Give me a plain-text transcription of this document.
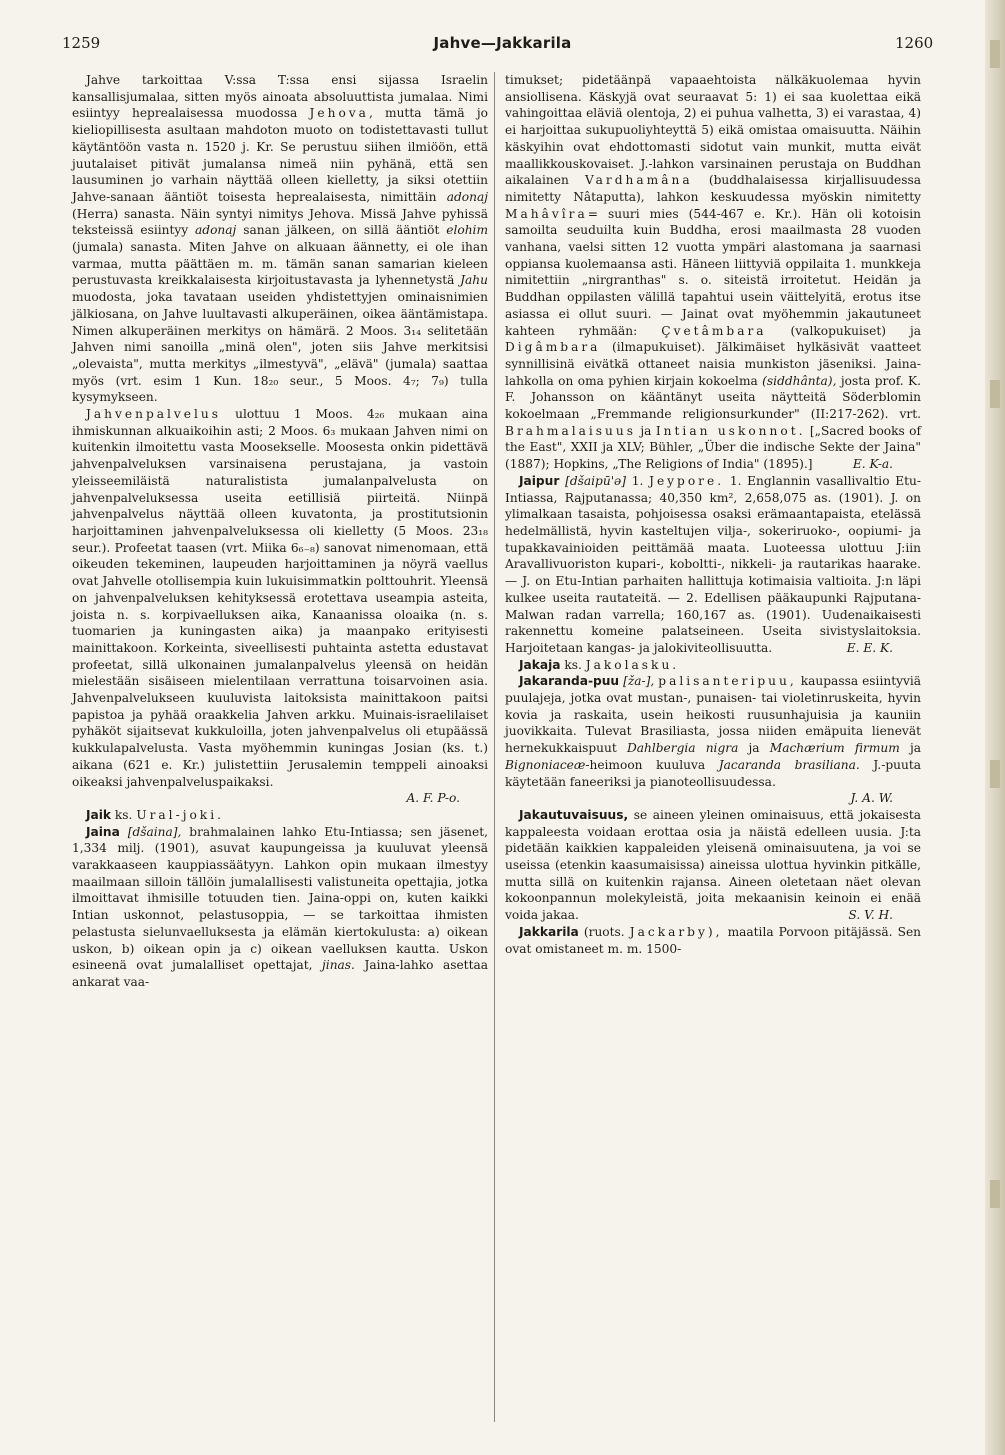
1259	Jahve—Jakkarila	1260

Jahve tarkoittaa V:ssa T:ssa ensi sijassa Israelin kansallisjumalaa, sitten myös ainoata absoluuttista jumalaa. Nimi esiintyy heprealaisessa muodossa Jehova, mutta tämä jo kieliopillisesta asultaan mahdoton muoto on todistettavasti tullut käytäntöön vasta n. 1520 j. Kr. Se perustuu siihen ilmiöön, että juutalaiset pitivät jumalansa nimeä niin pyhänä, että sen lausuminen jo varhain näyttää olleen kielletty, ja siksi otettiin Jahve-sanaan ääntiöt toisesta heprealaisesta, nimittäin adonaj (Herra) sanasta. Näin syntyi nimitys Jehova. Missä Jahve pyhissä teksteissä esiintyy adonaj sanan jälkeen, on sillä ääntiöt elohim (jumala) sanasta. Miten Jahve on alkuaan äännetty, ei ole ihan varmaa, mutta päättäen m. m. tämän sanan samarian kieleen perustuvasta kreikkalaisesta kirjoitustavasta ja lyhennetystä Jahu muodosta, joka tavataan useiden yhdistettyjen ominaisnimien jälkiosana, on Jahve luultavasti alkuperäinen, oikea ääntämistapa. Nimen alkuperäinen merkitys on hämärä. 2 Moos. 3₁₄ selitetään Jahven nimi sanoilla „minä olen", joten siis Jahve merkitsisi „olevaista", mutta merkitys „ilmestyvä", „elävä" (jumala) saattaa myös (vrt. esim 1 Kun. 18₂₀ seur., 5 Moos. 4₇; 7₉) tulla kysymykseen.

Jahvenpalvelus ulottuu 1 Moos. 4₂₆ mukaan aina ihmiskunnan alkuaikoihin asti; 2 Moos. 6₃ mukaan Jahven nimi on kuitenkin ilmoitettu vasta Moosekselle. Moosesta onkin pidettävä jahvenpalveluksen varsinaisena perustajana, ja vastoin yleisseemiläistä naturalistista jumalanpalvelusta on jahvenpalveluksessa useita eetillisiä piirteitä. Niinpä jahvenpalvelus näyttää olleen kuvatonta, ja prostitutsionin harjoittaminen jahvenpalveluksessa oli kielletty (5 Moos. 23₁₈ seur.). Profeetat taasen (vrt. Miika 6₆₋₈) sanovat nimenomaan, että oikeuden tekeminen, laupeuden harjoittaminen ja nöyrä vaellus ovat Jahvelle otollisempia kuin lukuisimmatkin polttouhrit. Yleensä on jahvenpalveluksen kehityksessä erotettava useampia asteita, joista n. s. korpivaelluksen aika, Kanaanissa oloaika (n. s. tuomarien ja kuningasten aika) ja maanpako erityisesti mainittakoon. Korkeinta, siveellisesti puhtainta astetta edustavat profeetat, sillä ulkonainen jumalanpalvelus yleensä on heidän mielestään sisäiseen mielentilaan verrattuna toisarvoinen asia. Jahvenpalvelukseen kuuluvista laitoksista mainittakoon paitsi papistoa ja pyhää oraakkelia Jahven arkku. Muinais-israelilaiset pyhäköt sijaitsevat kukkuloilla, joten jahvenpalvelus oli etupäässä kukkulapalvelusta. Vasta myöhemmin kuningas Josian (ks. t.) aikana (621 e. Kr.) julistettiin Jerusalemin temppeli ainoaksi oikeaksi jahvenpalveluspaikaksi.
A. F. P-o.

Jaik ks. Ural-joki.

Jaina [dšaina], brahmalainen lahko Etu-Intiassa; sen jäsenet, 1,334 milj. (1901), asuvat kaupungeissa ja kuuluvat yleensä varakkaaseen kauppiassäätyyn. Lahkon opin mukaan ilmestyy maailmaan silloin tällöin jumalallisesti valistuneita opettajia, jotka ilmoittavat ihmisille totuuden tien. Jaina-oppi on, kuten kaikki Intian uskonnot, pelastusoppia, — se tarkoittaa ihmisten pelastusta sielunvaelluksesta ja elämän kiertokulusta: a) oikean uskon, b) oikean opin ja c) oikean vaelluksen kautta. Uskon esineenä ovat jumalalliset opettajat, jinas. Jaina-lahko asettaa ankarat vaa-

timukset; pidetäänpä vapaaehtoista nälkäkuolemaa hyvin ansiollisena. Käskyjä ovat seuraavat 5: 1) ei saa kuolettaa eikä vahingoittaa eläviä olentoja, 2) ei puhua valhetta, 3) ei varastaa, 4) ei harjoittaa sukupuoliyhteyttä 5) eikä omistaa omaisuutta. Näihin käskyihin ovat ehdottomasti sidotut vain munkit, mutta eivät maallikkouskovaiset. J.-lahkon varsinainen perustaja on Buddhan aikalainen Vardhamâna (buddhalaisessa kirjallisuudessa nimitetty Nâtaputta), lahkon keskuudessa myöskin nimitetty Mahâvîra= suuri mies (544-467 e. Kr.). Hän oli kotoisin samoilta seuduilta kuin Buddha, erosi maailmasta 28 vuoden vanhana, vaelsi sitten 12 vuotta ympäri alastomana ja saarnasi oppiansa kuolemaansa asti. Häneen liittyviä oppilaita 1. munkkeja nimitettiin „nirgranthas" s. o. siteistä irroitetut. Heidän ja Buddhan oppilasten välillä tapahtui usein väittelyitä, erotus itse asiassa ei ollut suuri. — Jainat ovat myöhemmin jakautuneet kahteen ryhmään: Çvetâmbara (valkopukuiset) ja Digâmbara (ilmapukuiset). Jälkimäiset hylkäsivät vaatteet synnillisinä eivätkä ottaneet naisia munkiston jäseniksi. Jaina-lahkolla on oma pyhien kirjain kokoelma (siddhânta), josta prof. K. F. Johansson on kääntänyt useita näytteitä Söderblomin kokoelmaan „Fremmande religionsurkunder" (II:217-262). vrt. Brahmalaisuus ja Intian uskonnot. [„Sacred books of the East", XXII ja XLV; Bühler, „Über die indische Sekte der Jaina" (1887); Hopkins, „The Religions of India" (1895).]	E. K-a.

Jaipur [dšaipū'ə] 1. Jeypore. 1. Englannin vasallivaltio Etu-Intiassa, Rajputanassa; 40,350 km², 2,658,075 as. (1901). J. on ylimalkaan tasaista, pohjoisessa osaksi erämaantapaista, etelässä hedelmällistä, hyvin kasteltujen vilja-, sokeriruoko-, oopiumi- ja tupakkavainioiden peittämää maata. Luoteessa ulottuu J:iin Aravallivuoriston kupari-, koboltti-, nikkeli- ja rautarikas haarake. — J. on Etu-Intian parhaiten hallittuja kotimaisia valtioita. J:n läpi kulkee useita rautateitä. — 2. Edellisen pääkaupunki Rajputana-Malwan radan varrella; 160,167 as. (1901). Uudenaikaisesti rakennettu komeine palatseineen. Useita sivistyslaitoksia. Harjoitetaan kangas- ja jalokiviteollisuutta.	E. E. K.

Jakaja ks. Jakolasku.

Jakaranda-puu [ža-], palisanteripuu, kaupassa esiintyviä puulajeja, jotka ovat mustan-, punaisen- tai violetinruskeita, hyvin kovia ja raskaita, usein heikosti ruusunhajuisia ja kauniin juovikkaita. Tulevat Brasiliasta, jossa niiden emäpuita lienevät hernekukkaispuut Dahlbergia nigra ja Machærium firmum ja Bignoniaceæ-heimoon kuuluva Jacaranda brasiliana. J.-puuta käytetään faneeriksi ja pianoteollisuudessa.
J. A. W.

Jakautuvaisuus, se aineen yleinen ominaisuus, että jokaisesta kappaleesta voidaan erottaa osia ja näistä edelleen uusia. J:ta pidetään kaikkien kappaleiden yleisenä ominaisuutena, ja voi se useissa (etenkin kaasumaisissa) aineissa ulottua hyvinkin pitkälle, mutta sillä on kuitenkin rajansa. Aineen oletetaan näet olevan kokoonpannun molekyleistä, joita mekaanisin keinoin ei enää voida jakaa.	S. V. H.

Jakkarila (ruots. Jackarby), maatila Porvoon pitäjässä. Sen ovat omistaneet m. m. 1500-
